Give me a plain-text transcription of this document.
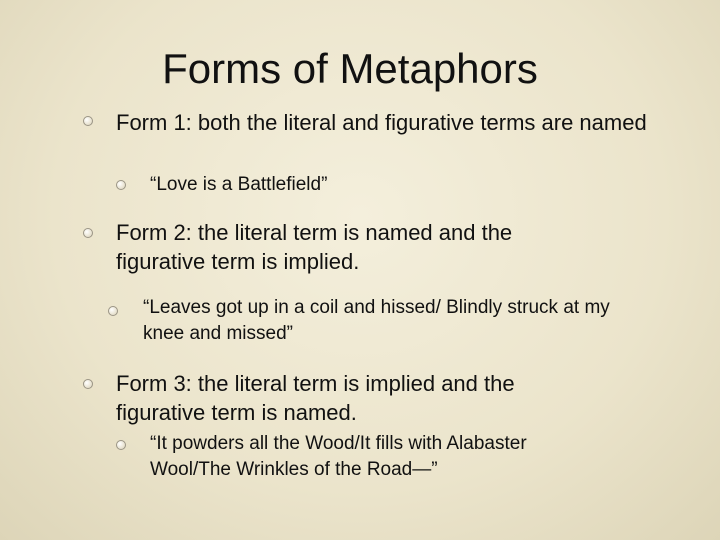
Forms of Metaphors

Form 1: both the literal and figurative terms are named

“Love is a Battlefield”

Form 2: the literal term is named and the figurative term is implied.

“Leaves got up in a coil and hissed/ Blindly struck at my knee and missed”

Form 3: the literal term is implied and the figurative term is named.

“It powders all the Wood/It fills with Alabaster Wool/The Wrinkles of the Road—”
